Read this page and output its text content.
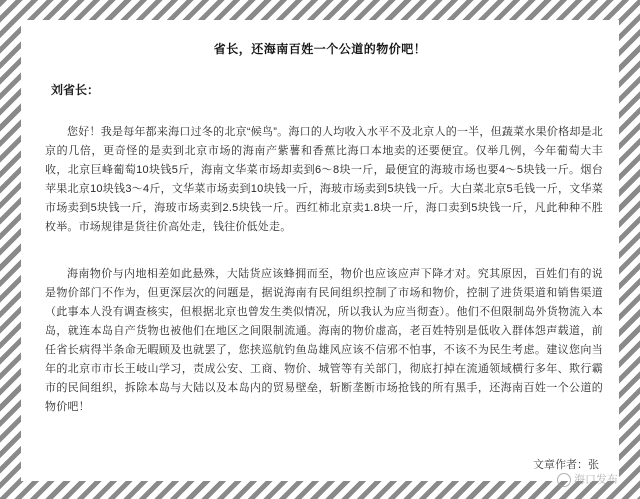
省长，还海南百姓一个公道的物价吧！
刘省长：

您好！我是每年都来海口过冬的北京“候鸟”。海口的人均收入水平不及北京人的一半，但蔬菜水果价格却是北京的几倍，更奇怪的是卖到北京市场的海南产紫薯和香蕉比海口本地卖的还要便宜。仅举几例，今年葡萄大丰收，北京巨峰葡萄10块钱5斤，海南文华菜市场却卖到6～8块一斤，最便宜的海玻市场也要4～5块钱一斤。烟台苹果北京10块钱3～4斤，文华菜市场卖到10块钱一斤，海玻市场卖到5块钱一斤。大白菜北京5毛钱一斤，文华菜市场卖到5块钱一斤，海玻市场卖到2.5块钱一斤。西红柿北京卖1.8块一斤，海口卖到5块钱一斤，凡此种种不胜枚举。市场规律是货往价高处走，钱往价低处走。

海南物价与内地相差如此悬殊，大陆货应该蜂拥而至，物价也应该应声下降才对。究其原因，百姓们有的说是物价部门不作为，但更深层次的问题是，据说海南有民间组织控制了市场和物价，控制了进货渠道和销售渠道（此事本人没有调查核实，但根据北京也曾发生类似情况，所以我认为应当彻查）。他们不但限制岛外货物流入本岛，就连本岛自产货物也被他们在地区之间限制流通。海南的物价虚高，老百姓特别是低收入群体怨声载道，前任省长病得半条命无暇顾及也就罢了，您挟巡航钓鱼岛雄风应该不信邪不怕事，不该不为民生考虑。建议您向当年的北京市市长王岐山学习，责成公安、工商、物价、城管等有关部门，彻底打掉在流通领域横行多年、欺行霸市的民间组织，拆除本岛与大陆以及本岛内的贸易壁垒，斩断垄断市场抢钱的所有黑手，还海南百姓一个公道的物价吧！

文章作者：张
海口发布
